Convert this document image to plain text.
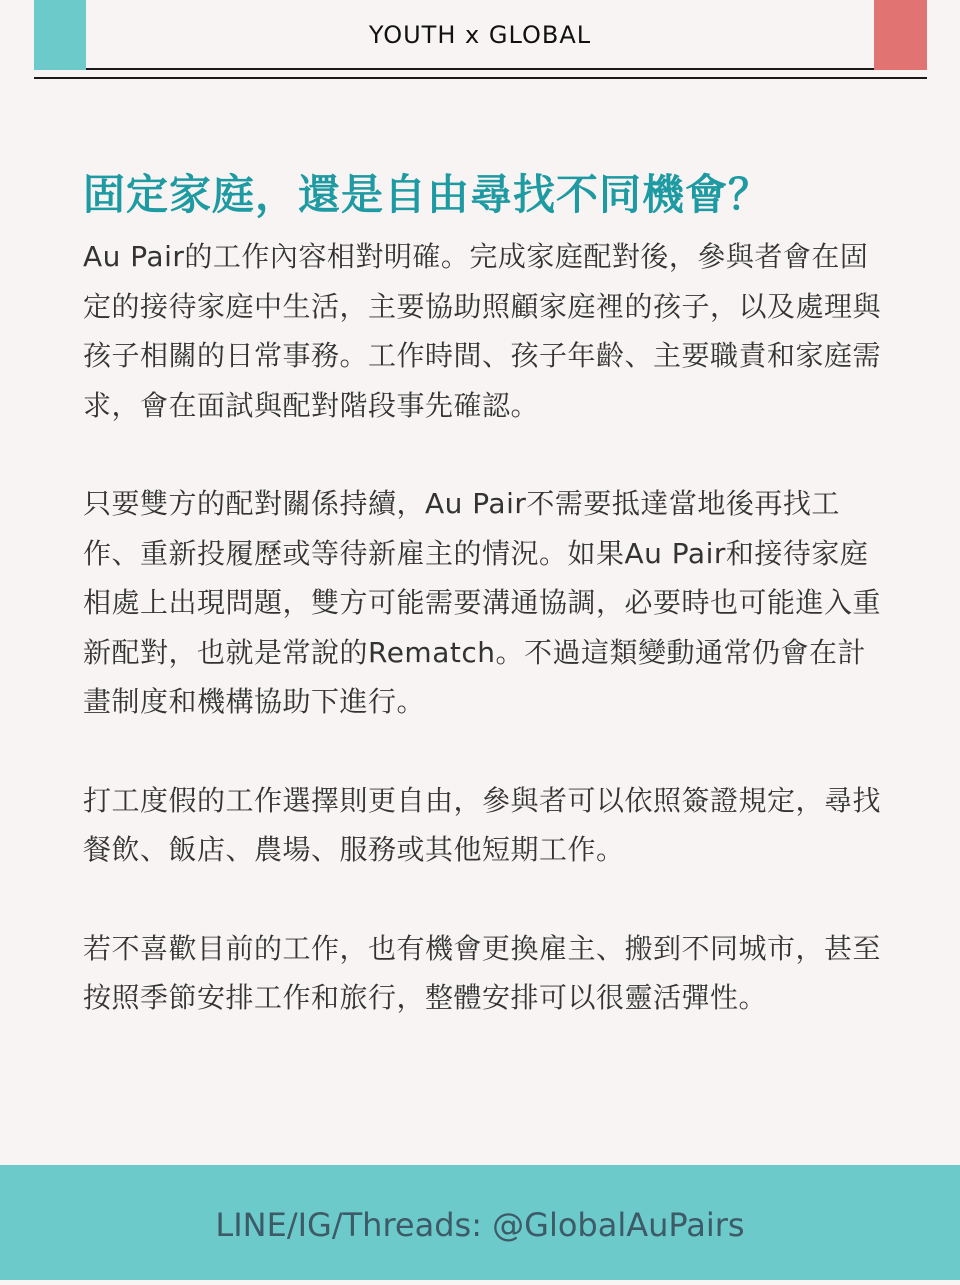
YOUTH x GLOBAL
固定家庭，還是自由尋找不同機會？

Au Pair的工作內容相對明確。完成家庭配對後，參與者會在固定的接待家庭中生活，主要協助照顧家庭裡的孩子，以及處理與孩子相關的日常事務。工作時間、孩子年齡、主要職責和家庭需求，會在面試與配對階段事先確認。

只要雙方的配對關係持續，Au Pair不需要抵達當地後再找工作、重新投履歷或等待新雇主的情況。如果Au Pair和接待家庭相處上出現問題，雙方可能需要溝通協調，必要時也可能進入重新配對，也就是常說的Rematch。不過這類變動通常仍會在計畫制度和機構協助下進行。

打工度假的工作選擇則更自由，參與者可以依照簽證規定，尋找餐飲、飯店、農場、服務或其他短期工作。

若不喜歡目前的工作，也有機會更換雇主、搬到不同城市，甚至按照季節安排工作和旅行，整體安排可以很靈活彈性。

LINE/IG/Threads: @GlobalAuPairs
